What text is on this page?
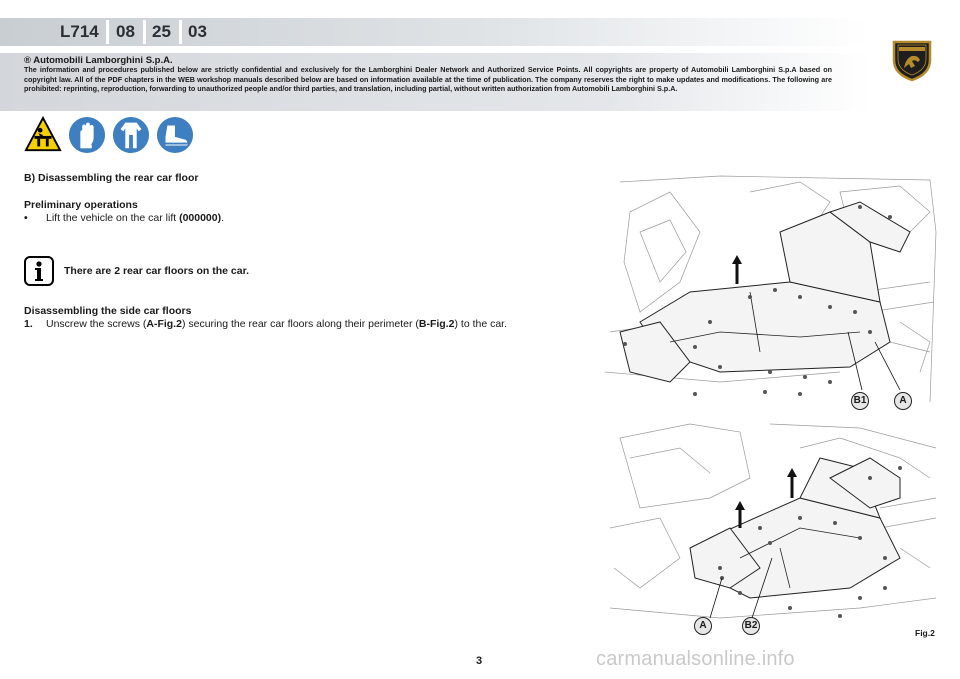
L714 08 25 03
® Automobili Lamborghini S.p.A.
The information and procedures published below are strictly confidential and exclusively for the Lamborghini Dealer Network and Authorized Service Points. All copyrights are property of Automobili Lamborghini S.p.A based on copyright law. All of the PDF chapters in the WEB workshop manuals described below are based on information available at the time of publication. The company reserves the right to make updates and modifications. The following are prohibited: reprinting, reproduction, forwarding to unauthorized people and/or third parties, and translation, including partial, without written authorization from Automobili Lamborghini S.p.A.
B) Disassembling the rear car floor
Preliminary operations
•	Lift the vehicle on the car lift (000000).
There are 2 rear car floors on the car.
Disassembling the side car floors
1.	Unscrew the screws (A-Fig.2) securing the rear car floors along their perimeter (B-Fig.2) to the car.
B1	A
A	B2
Fig.2
3	carmanualsonline.info
